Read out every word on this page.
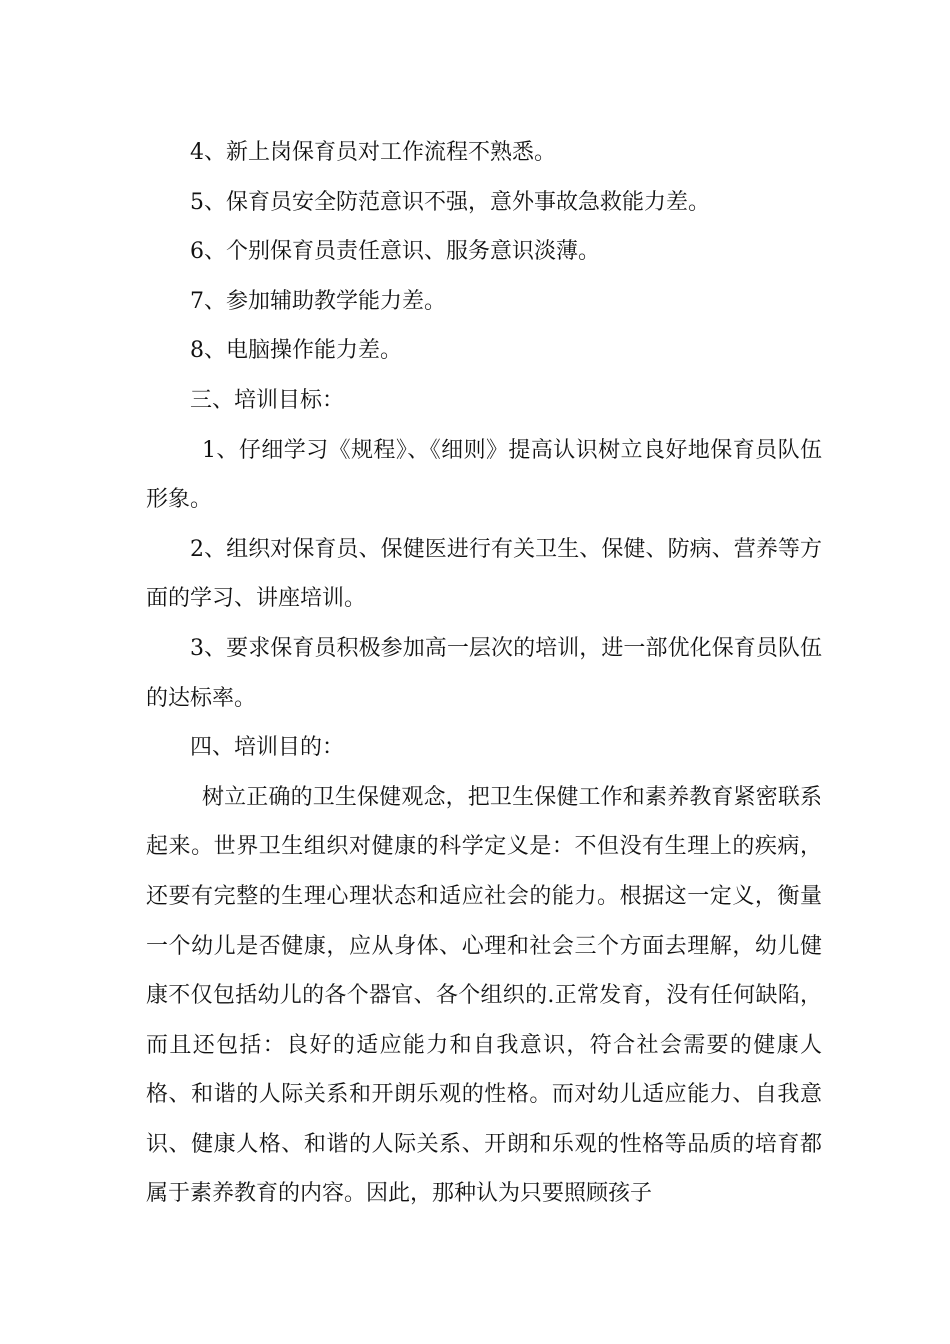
4、新上岗保育员对工作流程不熟悉。

5、保育员安全防范意识不强，意外事故急救能力差。

6、个别保育员责任意识、服务意识淡薄。

7、参加辅助教学能力差。

8、电脑操作能力差。

三、培训目标：

1、仔细学习《规程》、《细则》提高认识树立良好地保育员队伍形象。

2、组织对保育员、保健医进行有关卫生、保健、防病、营养等方面的学习、讲座培训。

3、要求保育员积极参加高一层次的培训，进一部优化保育员队伍的达标率。

四、培训目的：

树立正确的卫生保健观念，把卫生保健工作和素养教育紧密联系起来。世界卫生组织对健康的科学定义是：不但没有生理上的疾病，还要有完整的生理心理状态和适应社会的能力。根据这一定义，衡量一个幼儿是否健康，应从身体、心理和社会三个方面去理解，幼儿健康不仅包括幼儿的各个器官、各个组织的.正常发育，没有任何缺陷，而且还包括：良好的适应能力和自我意识，符合社会需要的健康人格、和谐的人际关系和开朗乐观的性格。而对幼儿适应能力、自我意识、健康人格、和谐的人际关系、开朗和乐观的性格等品质的培育都属于素养教育的内容。因此，那种认为只要照顾孩子
